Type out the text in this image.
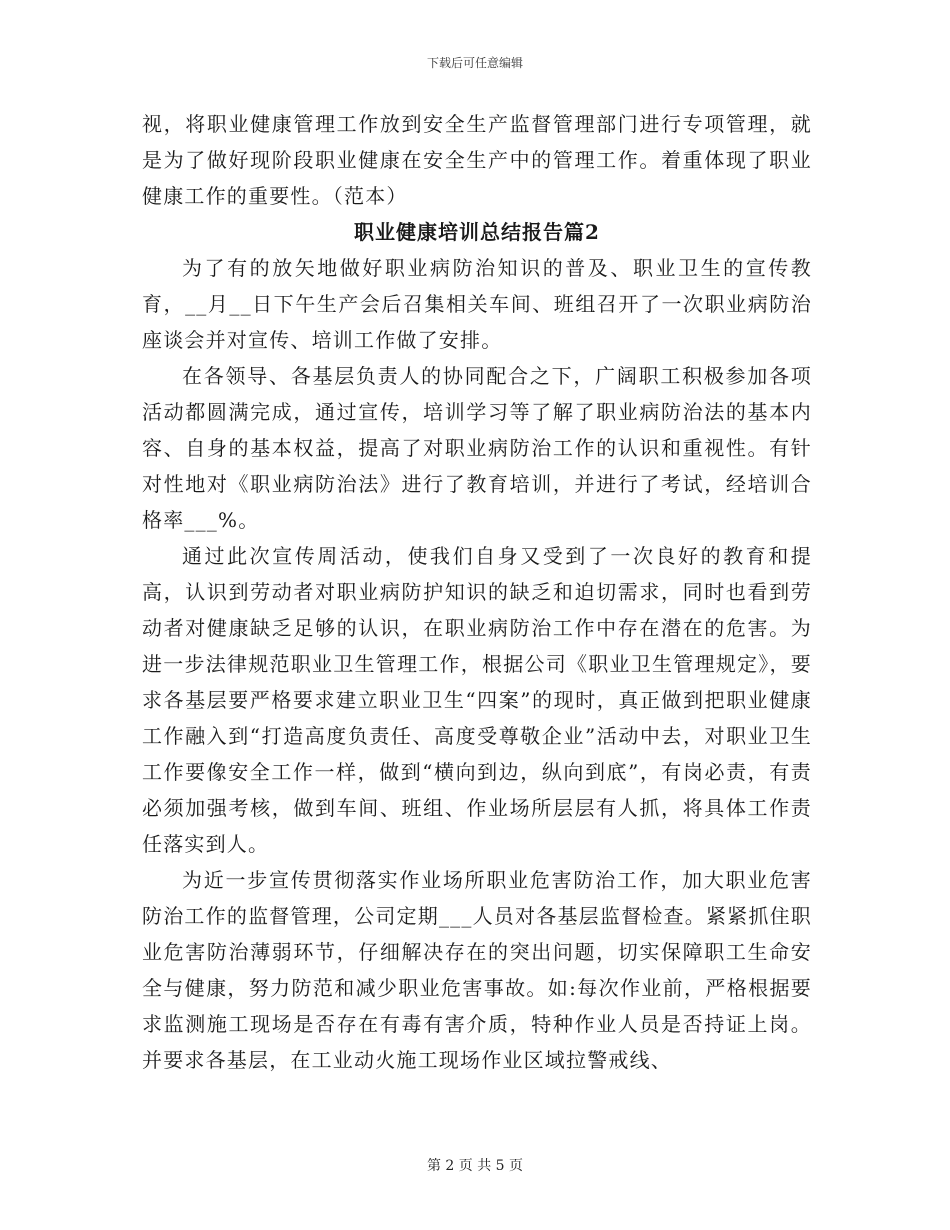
下载后可任意编辑

视，将职业健康管理工作放到安全生产监督管理部门进行专项管理，就是为了做好现阶段职业健康在安全生产中的管理工作。着重体现了职业健康工作的重要性。（范本）

职业健康培训总结报告篇2

为了有的放矢地做好职业病防治知识的普及、职业卫生的宣传教育，__月__日下午生产会后召集相关车间、班组召开了一次职业病防治座谈会并对宣传、培训工作做了安排。

在各领导、各基层负责人的协同配合之下，广阔职工积极参加各项活动都圆满完成，通过宣传，培训学习等了解了职业病防治法的基本内容、自身的基本权益，提高了对职业病防治工作的认识和重视性。有针对性地对《职业病防治法》进行了教育培训，并进行了考试，经培训合格率___%。

通过此次宣传周活动，使我们自身又受到了一次良好的教育和提高，认识到劳动者对职业病防护知识的缺乏和迫切需求，同时也看到劳动者对健康缺乏足够的认识，在职业病防治工作中存在潜在的危害。为进一步法律规范职业卫生管理工作，根据公司《职业卫生管理规定》，要求各基层要严格要求建立职业卫生“四案”的现时，真正做到把职业健康工作融入到“打造高度负责任、高度受尊敬企业”活动中去，对职业卫生工作要像安全工作一样，做到“横向到边，纵向到底”，有岗必责，有责必须加强考核，做到车间、班组、作业场所层层有人抓，将具体工作责任落实到人。

为近一步宣传贯彻落实作业场所职业危害防治工作，加大职业危害防治工作的监督管理，公司定期___人员对各基层监督检查。紧紧抓住职业危害防治薄弱环节，仔细解决存在的突出问题，切实保障职工生命安全与健康，努力防范和减少职业危害事故。如:每次作业前，严格根据要求监测施工现场是否存在有毒有害介质，特种作业人员是否持证上岗。并要求各基层，在工业动火施工现场作业区域拉警戒线、

第 2 页 共 5 页
